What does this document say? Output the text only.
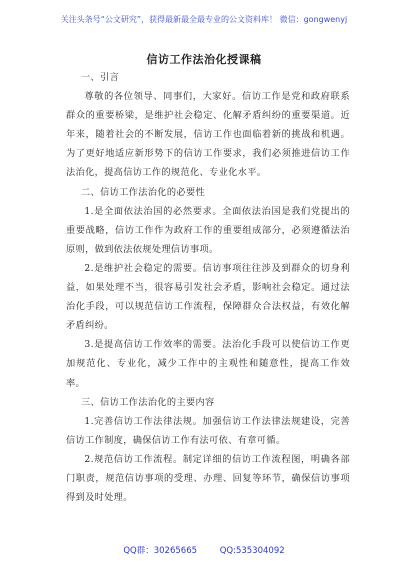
关注头条号“公文研究”，获得最新最全最专业的公文资料库！ 微信：gongwenyj
信访工作法治化授课稿

一、引言

尊敬的各位领导、同事们，大家好。信访工作是党和政府联系群众的重要桥梁，是维护社会稳定、化解矛盾纠纷的重要渠道。近年来，随着社会的不断发展，信访工作也面临着新的挑战和机遇。为了更好地适应新形势下的信访工作要求，我们必须推进信访工作法治化，提高信访工作的规范化、专业化水平。

二、信访工作法治化的必要性

1.是全面依法治国的必然要求。全面依法治国是我们党提出的重要战略，信访工作作为政府工作的重要组成部分，必须遵循法治原则，做到依法依规处理信访事项。

2.是维护社会稳定的需要。信访事项往往涉及到群众的切身利益，如果处理不当，很容易引发社会矛盾，影响社会稳定。通过法治化手段，可以规范信访工作流程，保障群众合法权益，有效化解矛盾纠纷。

3.是提高信访工作效率的需要。法治化手段可以使信访工作更加规范化、专业化，减少工作中的主观性和随意性，提高工作效率。

三、信访工作法治化的主要内容

1.完善信访工作法律法规。加强信访工作法律法规建设，完善信访工作制度，确保信访工作有法可依、有章可循。

2.规范信访工作流程。制定详细的信访工作流程图，明确各部门职责，规范信访事项的受理、办理、回复等环节，确保信访事项得到及时处理。

QQ群：30265665	QQ:535304092
